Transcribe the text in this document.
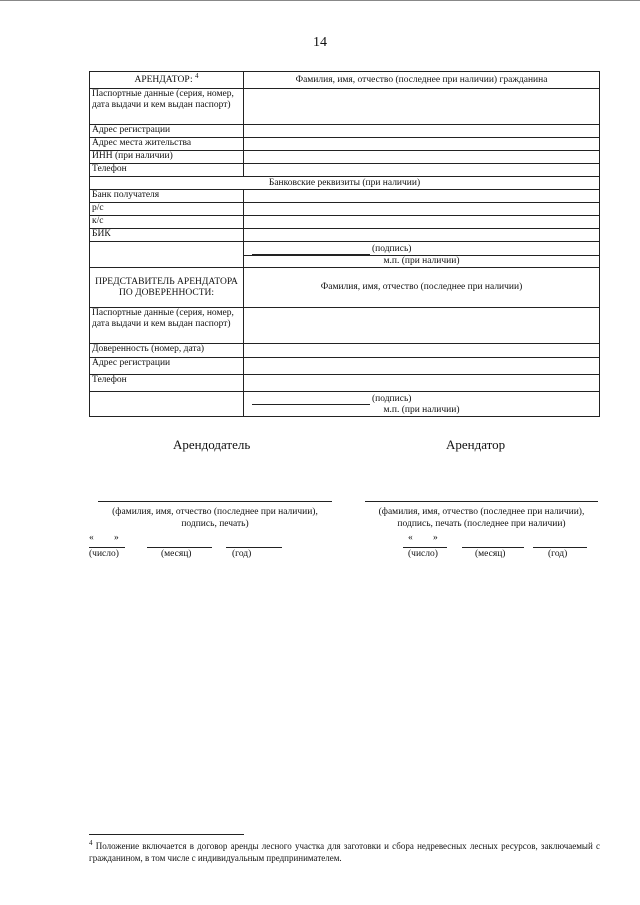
14
АРЕНДАТОР: $^4$	Фамилия, имя, отчество (последнее при наличии) гражданина
Паспортные данные (серия, номер, дата выдачи и кем выдан паспорт)	
Адрес регистрации	
Адрес места жительства	
ИНН (при наличии)	
Телефон	
Банковские реквизиты (при наличии)	
Банк получателя	
р/с	
к/с	
БИК	

	(подпись)
м.п. (при наличии)

ПРЕДСТАВИТЕЛЬ АРЕНДАТОРА ПО ДОВЕРЕННОСТИ:	Фамилия, имя, отчество (последнее при наличии)
Паспортные данные (серия, номер, дата выдачи и кем выдан паспорт)	
Доверенность (номер, дата)	
Адрес регистрации	
Телефон	

	(подпись)
м.п. (при наличии)
Арендодатель
(фамилия, имя, отчество (последнее при наличии),
подпись, печать)
« »
(число)	(месяц)	(год)
Арендатор
(фамилия, имя, отчество (последнее при наличии),
подпись, печать (последнее при наличии)
« »
(число)	(месяц)	(год)
$^4$ Положение включается в договор аренды лесного участка для заготовки и сбора недревесных лесных ресурсов, заключаемый с гражданином, в том числе с индивидуальным предпринимателем.
